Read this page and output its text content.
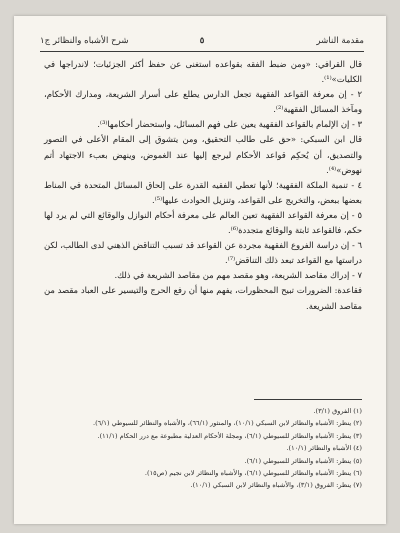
مقدمة الناشر
٥
شرح الأشباه والنظائر ج١

قال القرافي: «ومن ضبط الفقه بقواعده استغنى عن حفظ أكثر الجزئيات؛ لاندراجها في الكليات»⁽¹⁾.

٢ - إن معرفة القواعد الفقهية تجعل الدارس يطلع على أسرار الشريعة، ومدارك الأحكام، ومآخذ المسائل الفقهية⁽²⁾.

٣ - إن الإلمام بالقواعد الفقهية يعين على فهم المسائل، واستحضار أحكامها⁽³⁾.

قال ابن السبكي: «حق على طالب التحقيق، ومن يتشوق إلى المقام الأعلى في التصور والتصديق، أن يُحكِم قواعد الأحكام ليرجع إليها عند الغموض، وينهض بعبء الاجتهاد أتم نهوض»⁽⁴⁾.

٤ - تنمية الملكة الفقهية؛ لأنها تعطي الفقيه القدرة على إلحاق المسائل المتحدة في المناط بعضها ببعض، والتخريج على القواعد، وتنزيل الحوادث عليها⁽⁵⁾.

٥ - إن معرفة القواعد الفقهية تعين العالم على معرفة أحكام النوازل والوقائع التي لم يرد لها حكم، فالقواعد ثابتة والوقائع متجددة⁽⁶⁾.

٦ - إن دراسة الفروع الفقهية مجردة عن القواعد قد تسبب التناقض الذهني لدى الطالب، لكن دراستها مع القواعد تبعد ذلك التناقض⁽⁷⁾.

٧ - إدراك مقاصد الشريعة، وهو مقصد مهم من مقاصد الشريعة في ذلك.

فقاعدة: الضرورات تبيح المحظورات، يفهم منها أن رفع الحرج والتيسير على العباد مقصد من مقاصد الشريعة.

(١) الفروق (٣/١).

(٢) ينظر: الأشباه والنظائر لابن السبكي (١٠/١)، والمنثور (٦٦/١)، والأشباه والنظائر للسيوطي (٦/١).

(٣) ينظر: الأشباه والنظائر للسيوطي (٦/١)، ومجلة الأحكام العدلية مطبوعة مع درر الحكام (١١/١).

(٤) الأشباه والنظائر (١٠/١).

(٥) ينظر: الأشباه والنظائر للسيوطي (٦/١).

(٦) ينظر: الأشباه والنظائر للسيوطي (٦/١)، والأشباه والنظائر لابن نجيم (ص١٥).

(٧) ينظر: الفروق (٣/١)، والأشباه والنظائر لابن السبكي (١٠/١).
